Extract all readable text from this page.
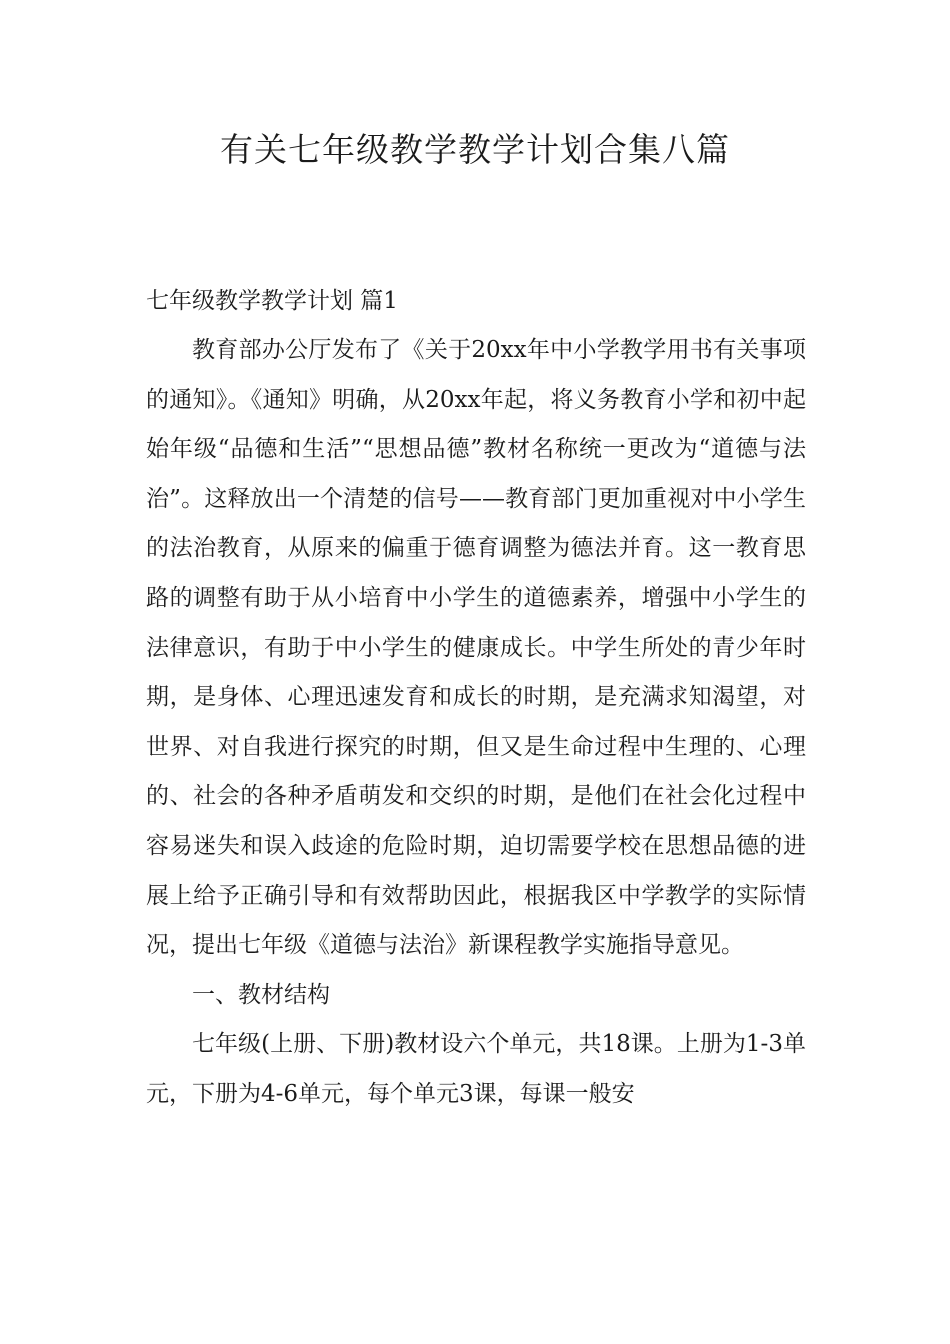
有关七年级教学教学计划合集八篇

七年级教学教学计划 篇1

教育部办公厅发布了《关于20xx年中小学教学用书有关事项的通知》。《通知》明确，从20xx年起，将义务教育小学和初中起始年级“品德和生活”“思想品德”教材名称统一更改为“道德与法治”。这释放出一个清楚的信号——教育部门更加重视对中小学生的法治教育，从原来的偏重于德育调整为德法并育。这一教育思路的调整有助于从小培育中小学生的道德素养，增强中小学生的法律意识，有助于中小学生的健康成长。中学生所处的青少年时期，是身体、心理迅速发育和成长的时期，是充满求知渴望，对世界、对自我进行探究的时期，但又是生命过程中生理的、心理的、社会的各种矛盾萌发和交织的时期，是他们在社会化过程中容易迷失和误入歧途的危险时期，迫切需要学校在思想品德的进展上给予正确引导和有效帮助因此，根据我区中学教学的实际情况，提出七年级《道德与法治》新课程教学实施指导意见。

一、教材结构

七年级(上册、下册)教材设六个单元，共18课。上册为1-3单元，下册为4-6单元，每个单元3课，每课一般安
